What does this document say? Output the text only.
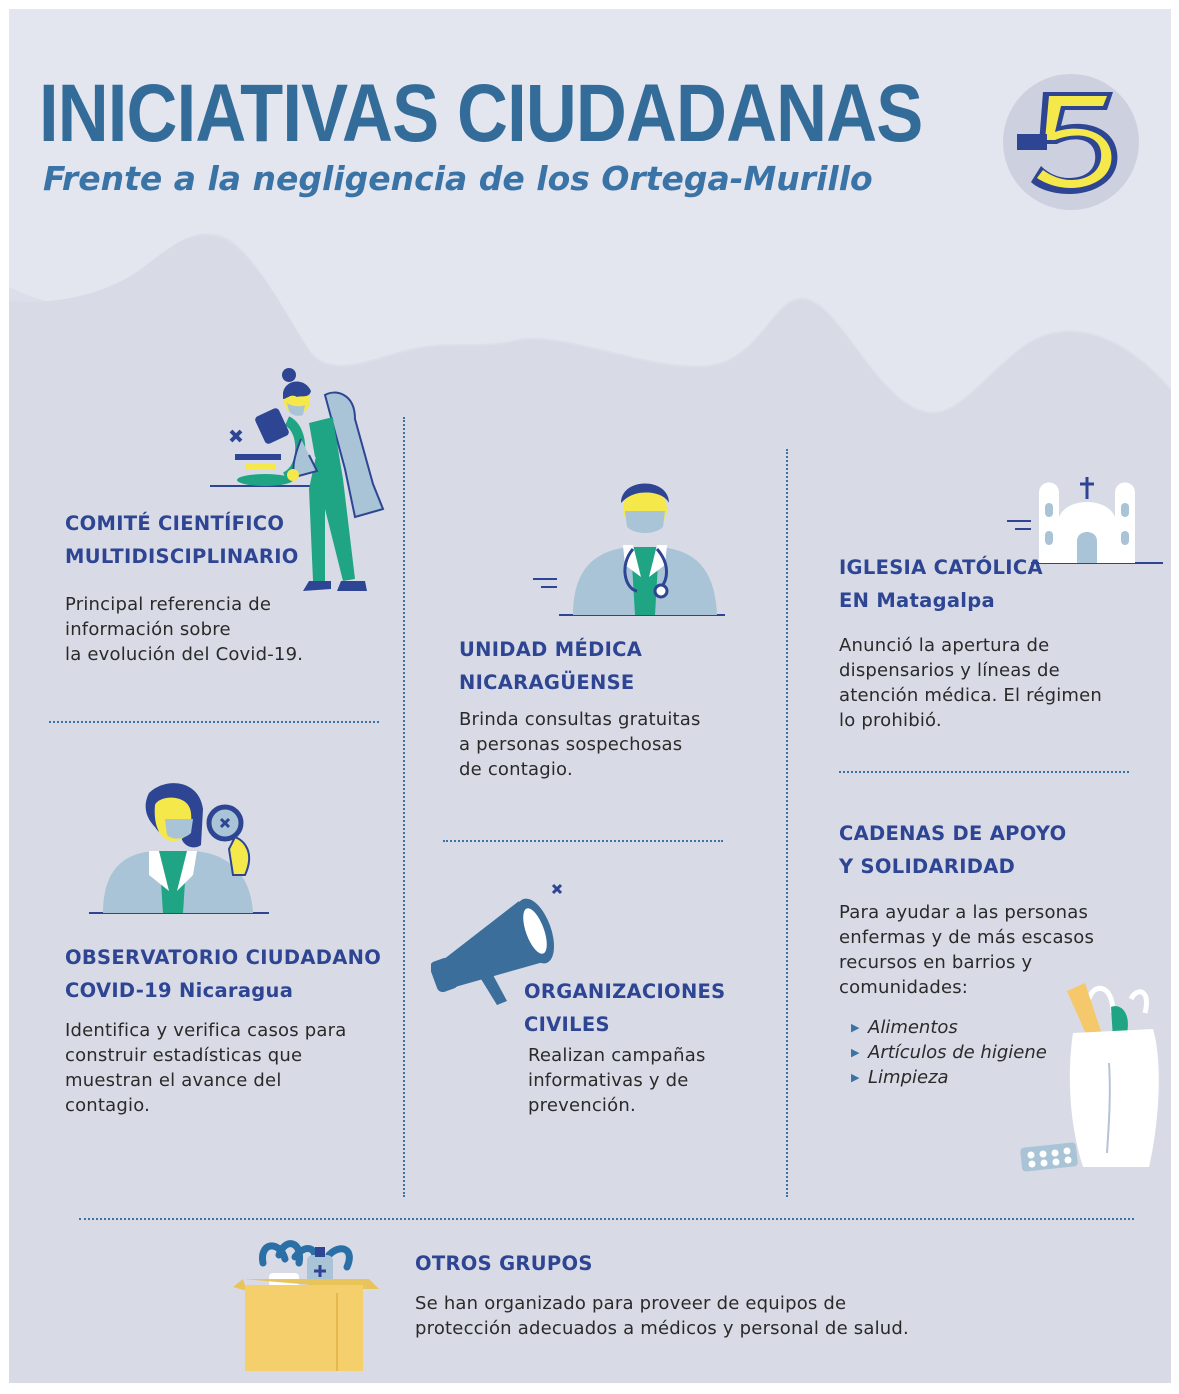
INICIATIVAS CIUDADANAS
Frente a la negligencia de los Ortega-Murillo
COMITÉ CIENTÍFICO
MULTIDISCIPLINARIO

Principal referencia de
información sobre
la evolución del Covid-19.

OBSERVATORIO CIUDADANO
COVID-19 Nicaragua

Identifica y verifica casos para
construir estadísticas que
muestran el avance del
contagio.

UNIDAD MÉDICA
NICARAGÜENSE

Brinda consultas gratuitas
a personas sospechosas
de contagio.

ORGANIZACIONES
CIVILES

Realizan campañas
informativas y de
prevención.

IGLESIA CATÓLICA
EN Matagalpa

Anunció la apertura de
dispensarios y líneas de
atención médica. El régimen
lo prohibió.

CADENAS DE APOYO
Y SOLIDARIDAD

Para ayudar a las personas
enfermas y de más escasos
recursos en barrios y
comunidades:

▶ Alimentos
▶ Artículos de higiene
▶ Limpieza
OTROS GRUPOS

Se han organizado para proveer de equipos de
protección adecuados a médicos y personal de salud.
